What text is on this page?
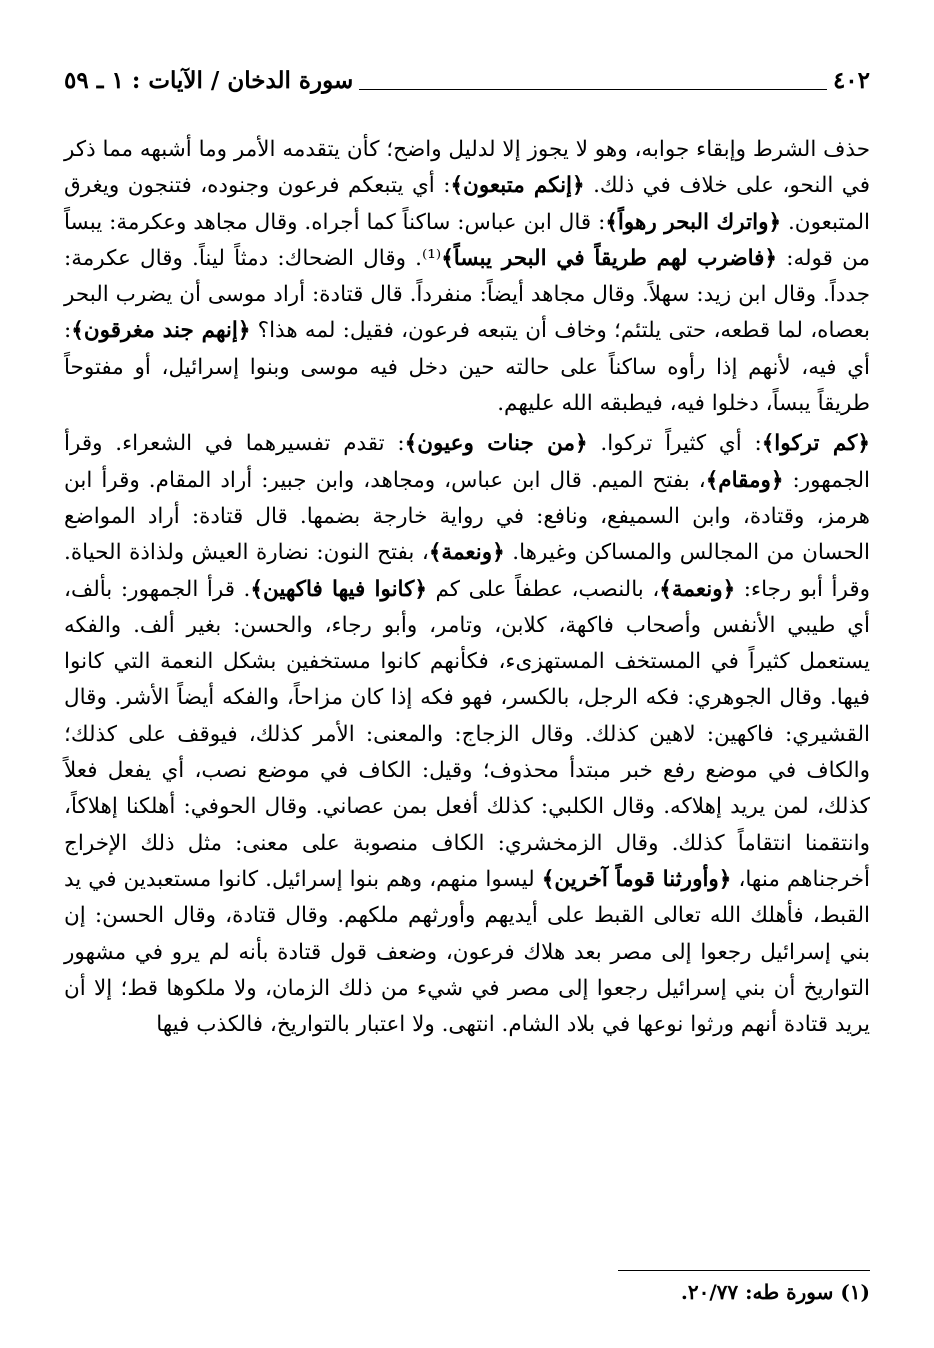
٤٠٢
سورة الدخان / الآيات : ١ ـ ٥٩

حذف الشرط وإبقاء جوابه، وهو لا يجوز إلا لدليل واضح؛ كأن يتقدمه الأمر وما أشبهه مما ذكر في النحو، على خلاف في ذلك. ﴿إنكم متبعون﴾: أي يتبعكم فرعون وجنوده، فتنجون ويغرق المتبعون. ﴿واترك البحر رهواً﴾: قال ابن عباس: ساكناً كما أجراه. وقال مجاهد وعكرمة: يبساً من قوله: ﴿فاضرب لهم طريقاً في البحر يبساً﴾⁽¹⁾. وقال الضحاك: دمثاً ليناً. وقال عكرمة: جدداً. وقال ابن زيد: سهلاً. وقال مجاهد أيضاً: منفرداً. قال قتادة: أراد موسى أن يضرب البحر بعصاه، لما قطعه، حتى يلتئم؛ وخاف أن يتبعه فرعون، فقيل: لمه هذا؟ ﴿إنهم جند مغرقون﴾: أي فيه، لأنهم إذا رأوه ساكناً على حالته حين دخل فيه موسى وبنوا إسرائيل، أو مفتوحاً طريقاً يبساً، دخلوا فيه، فيطبقه الله عليهم.

﴿كم تركوا﴾: أي كثيراً تركوا. ﴿من جنات وعيون﴾: تقدم تفسيرهما في الشعراء. وقرأ الجمهور: ﴿ومقام﴾، بفتح الميم. قال ابن عباس، ومجاهد، وابن جبير: أراد المقام. وقرأ ابن هرمز، وقتادة، وابن السميفع، ونافع: في رواية خارجة بضمها. قال قتادة: أراد المواضع الحسان من المجالس والمساكن وغيرها. ﴿ونعمة﴾، بفتح النون: نضارة العيش ولذاذة الحياة. وقرأ أبو رجاء: ﴿ونعمة﴾، بالنصب، عطفاً على كم ﴿كانوا فيها فاكهين﴾. قرأ الجمهور: بألف، أي طيبي الأنفس وأصحاب فاكهة، كلابن، وتامر، وأبو رجاء، والحسن: بغير ألف. والفكه يستعمل كثيراً في المستخف المستهزىء، فكأنهم كانوا مستخفين بشكل النعمة التي كانوا فيها. وقال الجوهري: فكه الرجل، بالكسر، فهو فكه إذا كان مزاحاً، والفكه أيضاً الأشر. وقال القشيري: فاكهين: لاهين كذلك. وقال الزجاج: والمعنى: الأمر كذلك، فيوقف على كذلك؛ والكاف في موضع رفع خبر مبتدأ محذوف؛ وقيل: الكاف في موضع نصب، أي يفعل فعلاً كذلك، لمن يريد إهلاكه. وقال الكلبي: كذلك أفعل بمن عصاني. وقال الحوفي: أهلكنا إهلاكاً، وانتقمنا انتقاماً كذلك. وقال الزمخشري: الكاف منصوبة على معنى: مثل ذلك الإخراج أخرجناهم منها، ﴿وأورثنا قوماً آخرين﴾ ليسوا منهم، وهم بنوا إسرائيل. كانوا مستعبدين في يد القبط، فأهلك الله تعالى القبط على أيديهم وأورثهم ملكهم. وقال قتادة، وقال الحسن: إن بني إسرائيل رجعوا إلى مصر بعد هلاك فرعون، وضعف قول قتادة بأنه لم يرو في مشهور التواريخ أن بني إسرائيل رجعوا إلى مصر في شيء من ذلك الزمان، ولا ملكوها قط؛ إلا أن يريد قتادة أنهم ورثوا نوعها في بلاد الشام. انتهى. ولا اعتبار بالتواريخ، فالكذب فيها

(١) سورة طه: ٢٠/٧٧.
